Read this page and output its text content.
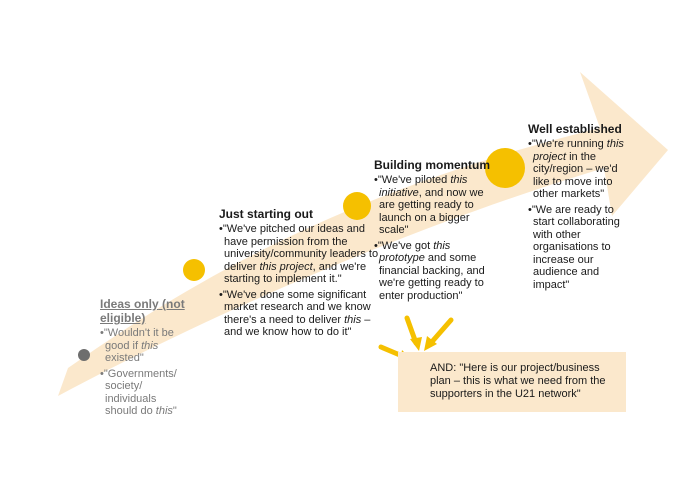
Ideas only (not eligible)
• "Wouldn't it be good if this existed"
• "Governments/ society/ individuals should do this"
Just starting out
• "We've pitched our ideas and have permission from the university/community leaders to deliver this project, and we're starting to implement it."
• "We've done some significant market research and we know there's a need to deliver this – and we know how to do it"
Building momentum
• "We've piloted this initiative, and now we are getting ready to launch on a bigger scale"
• "We've got this prototype and some financial backing, and we're getting ready to enter production"
Well established
• "We're running this project in the city/region – we'd like to move into other markets"
• "We are ready to start collaborating with other organisations to increase our audience and impact"
AND: "Here is our project/business plan – this is what we need from the supporters in the U21 network"
